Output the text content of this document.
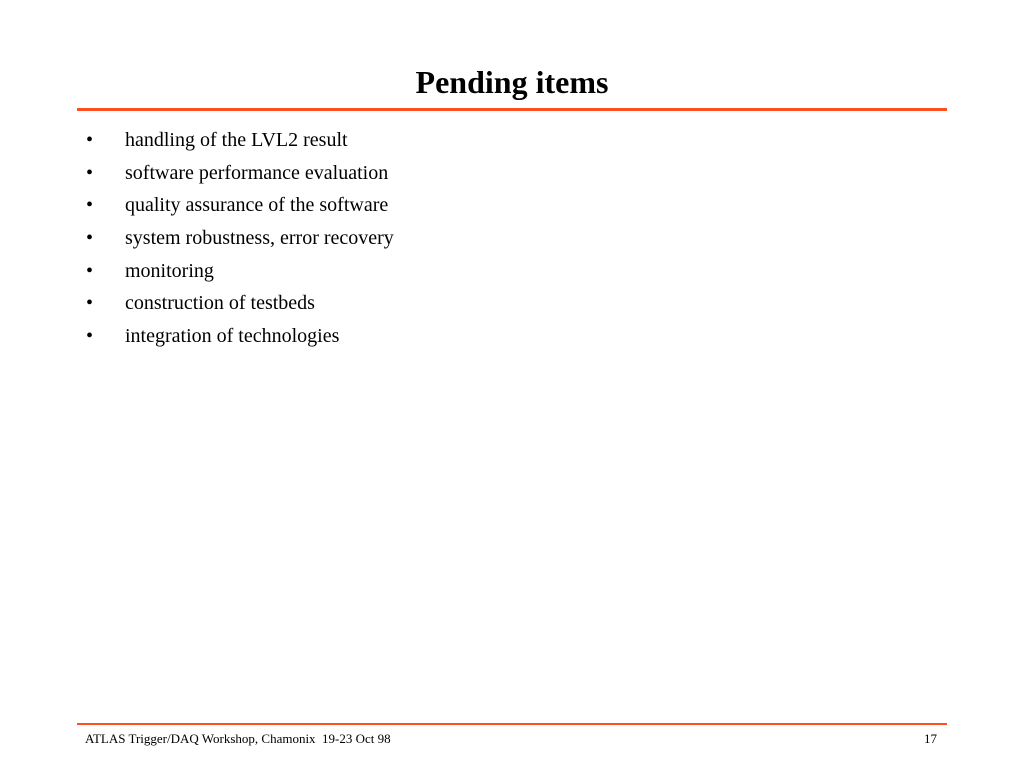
Pending items
•	handling of the LVL2 result
•	software performance evaluation
•	quality assurance of the software
•	system robustness, error recovery
•	monitoring
•	construction of testbeds
•	integration of technologies
ATLAS Trigger/DAQ Workshop, Chamonix  19-23 Oct 98	17
